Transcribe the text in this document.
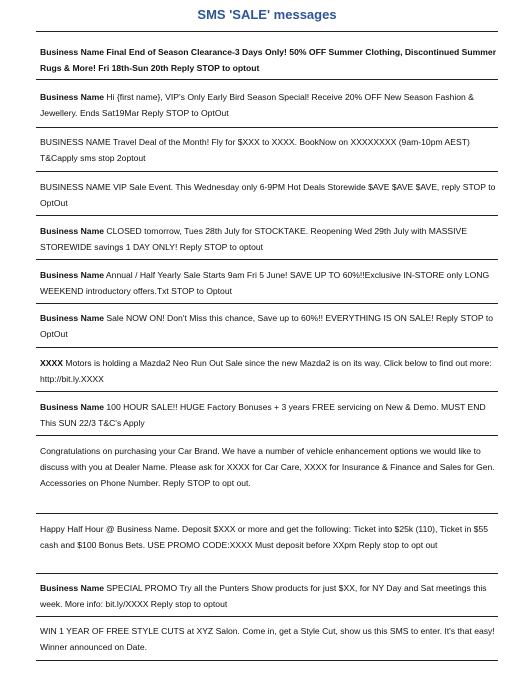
SMS 'SALE' messages
Business Name Final End of Season Clearance-3 Days Only! 50% OFF Summer Clothing, Discontinued Summer Rugs & More! Fri 18th-Sun 20th Reply STOP to optout
Business Name Hi {first name}, VIP's Only Early Bird Season Special! Receive 20% OFF New Season Fashion & Jewellery. Ends Sat19Mar Reply STOP to OptOut
BUSINESS NAME Travel Deal of the Month! Fly for $XXX to XXXX. BookNow on XXXXXXXX (9am-10pm AEST) T&Capply sms stop 2optout
BUSINESS NAME VIP Sale Event. This Wednesday only 6-9PM Hot Deals Storewide $AVE $AVE $AVE, reply STOP to OptOut
Business Name CLOSED tomorrow, Tues 28th July for STOCKTAKE. Reopening Wed 29th July with MASSIVE STOREWIDE savings 1 DAY ONLY! Reply STOP to optout
Business Name Annual / Half Yearly Sale Starts 9am Fri 5 June! SAVE UP TO 60%!!Exclusive IN-STORE only LONG WEEKEND introductory offers.Txt STOP to Optout
Business Name Sale NOW ON! Don't Miss this chance, Save up to 60%!! EVERYTHING IS ON SALE! Reply STOP to OptOut
XXXX Motors is holding a Mazda2 Neo Run Out Sale since the new Mazda2 is on its way. Click below to find out more: http://bit.ly.XXXX
Business Name 100 HOUR SALE!! HUGE Factory Bonuses + 3 years FREE servicing on New & Demo. MUST END This SUN 22/3 T&C's Apply
Congratulations on purchasing your Car Brand. We have a number of vehicle enhancement options we would like to discuss with you at Dealer Name. Please ask for XXXX for Car Care, XXXX for Insurance & Finance and Sales for Gen. Accessories on Phone Number. Reply STOP to opt out.
Happy Half Hour @ Business Name. Deposit $XXX or more and get the following: Ticket into $25k (110), Ticket in $55 cash and $100 Bonus Bets. USE PROMO CODE:XXXX Must deposit before XXpm Reply stop to opt out
Business Name SPECIAL PROMO Try all the Punters Show products for just $XX, for NY Day and Sat meetings this week. More info: bit.ly/XXXX Reply stop to optout
WIN 1 YEAR OF FREE STYLE CUTS at XYZ Salon. Come in, get a Style Cut, show us this SMS to enter. It's that easy! Winner announced on Date.
